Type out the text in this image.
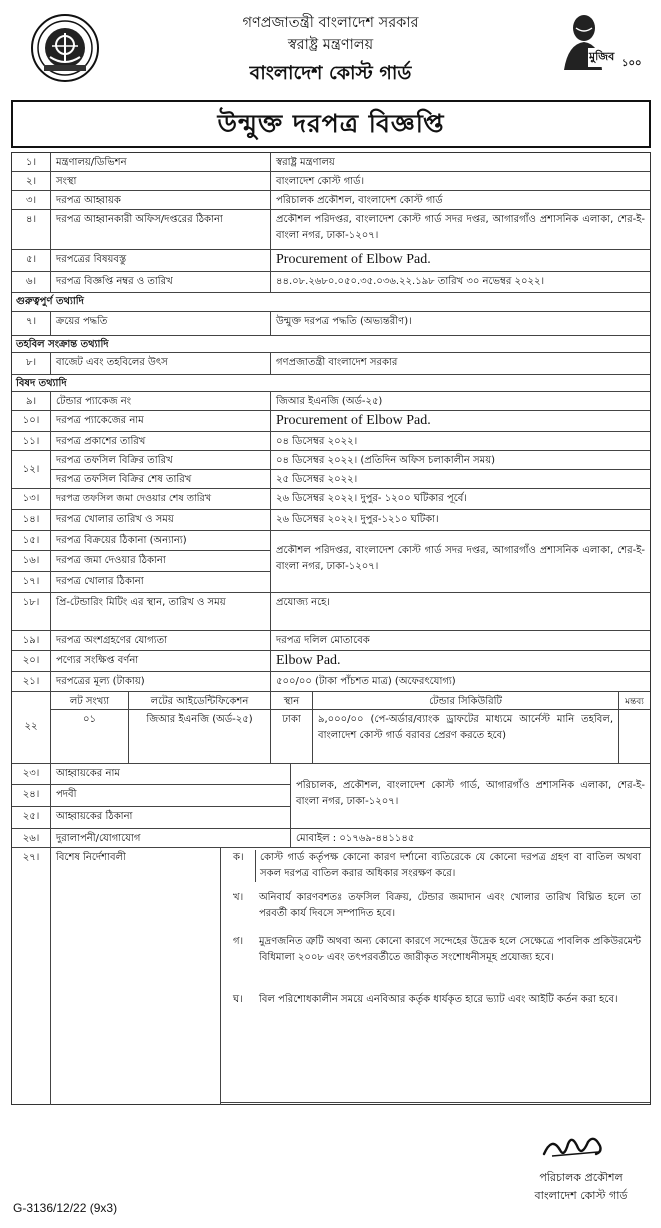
গণপ্রজাতন্ত্রী বাংলাদেশ সরকার
স্বরাষ্ট্র মন্ত্রণালয়
বাংলাদেশ কোস্ট গার্ড
মুজিব
১০০
উন্মুক্ত দরপত্র বিজ্ঞপ্তি
১।	মন্ত্রণালয়/ডিভিশন	স্বরাষ্ট্র মন্ত্রণালয়
২।	সংস্থা	বাংলাদেশ কোস্ট গার্ড।
৩।	দরপত্র আহ্বায়ক	পরিচালক প্রকৌশল, বাংলাদেশ কোস্ট গার্ড
৪।	দরপত্র আহ্বানকারী অফিস/দপ্তরের ঠিকানা	প্রকৌশল পরিদপ্তর, বাংলাদেশ কোস্ট গার্ড সদর দপ্তর, আগারগাঁও প্রশাসনিক এলাকা, শের-ই-বাংলা নগর, ঢাকা-১২০৭।
৫।	দরপত্রের বিষয়বস্তু	Procurement of Elbow Pad.
৬।	দরপত্র বিজ্ঞপ্তি নম্বর ও তারিখ	৪৪.০৮.২৬৮০.০৫০.৩৫.০৩৬.২২.১৯৮ তারিখ ৩০ নভেম্বর ২০২২।
গুরুত্বপুর্ণ তথ্যাদি
৭।	ক্রয়ের পদ্ধতি	উন্মুক্ত দরপত্র পদ্ধতি (অভ্যন্তরীণ)।
তহবিল সংক্রান্ত তথ্যাদি
৮।	বাজেট এবং তহবিলের উৎস	গণপ্রজাতন্ত্রী বাংলাদেশ সরকার
বিষদ তথ্যাদি
৯।	টেন্ডার প্যাকেজ নং	জিআর ইএনজি (অর্ড-২৫)
১০।	দরপত্র প্যাকেজের নাম	Procurement of Elbow Pad.
১১।	দরপত্র প্রকাশের তারিখ	০৪ ডিসেম্বর ২০২২।
১২।
দরপত্র তফসিল বিক্রির তারিখ	০৪ ডিসেম্বর ২০২২। (প্রতিদিন অফিস চলাকালীন সময়)
দরপত্র তফসিল বিক্রির শেষ তারিখ	২৫ ডিসেম্বর ২০২২।
১৩।	দরপত্র তফসিল জমা দেওয়ার শেষ তারিখ	২৬ ডিসেম্বর ২০২২। দুপুর- ১২০০ ঘটিকার পূর্বে।
১৪।	দরপত্র খোলার তারিখ ও সময়	২৬ ডিসেম্বর ২০২২। দুপুর-১২১০ ঘটিকা।
১৫।	দরপত্র বিক্রয়ের ঠিকানা (অন্যান্য)
১৬।	দরপত্র জমা দেওয়ার ঠিকানা
১৭।	দরপত্র খোলার ঠিকানা
প্রকৌশল পরিদপ্তর, বাংলাদেশ কোস্ট গার্ড সদর দপ্তর, আগারগাঁও প্রশাসনিক এলাকা, শের-ই-বাংলা নগর, ঢাকা-১২০৭।
১৮।	প্রি-টেন্ডারিং মিটিং এর স্থান, তারিখ ও সময়	প্রযোজ্য নহে।
১৯।	দরপত্র অংশগ্রহণের যোগ্যতা	দরপত্র দলিল মোতাবেক
২০।	পণ্যের সংক্ষিপ্ত বর্ণনা	Elbow Pad.
২১।	দরপত্রের মূল্য (টাকায়)	৫০০/০০ (টাকা পাঁচশত মাত্র) (অফেরৎযোগ্য)
২২
লট সংখ্যা	লটের আইডেন্টিফিকেশন	স্থান	টেন্ডার সিকিউরিটি	মন্তব্য
০১	জিআর ইএনজি (অর্ড-২৫)	ঢাকা	৯,০০০/০০ (পে-অর্ডার/ব্যাংক ড্রাফটের মাধ্যমে আর্নেস্ট মানি তহবিল, বাংলাদেশ কোস্ট গার্ড বরাবর প্রেরণ করতে হবে)
২৩।	আহ্বায়কের নাম
২৪।	পদবী
২৫।	আহ্বায়কের ঠিকানা
পরিচালক, প্রকৌশল, বাংলাদেশ কোস্ট গার্ড, আগারগাঁও প্রশাসনিক এলাকা, শের-ই-বাংলা নগর, ঢাকা-১২০৭।
২৬।	দুরালাপনী/যোগাযোগ	মোবাইল : ০১৭৬৯-৪৪১১৪৫
২৭।	বিশেষ নির্দেশাবলী	ক।	কোস্ট গার্ড কর্তৃপক্ষ কোনো কারণ দর্শানো ব্যতিরেকে যে কোনো দরপত্র গ্রহণ বা বাতিল অথবা সকল দরপত্র বাতিল করার অধিকার সংরক্ষণ করে।
খ।	অনিবার্য কারণবশতঃ তফসিল বিক্রয়, টেন্ডার জমাদান এবং খোলার তারিখ বিঘ্নিত হলে তা পরবর্তী কার্য দিবসে সম্পাদিত হবে।
গ।	মুদ্রণজনিত ত্রুটি অথবা অন্য কোনো কারণে সন্দেহের উদ্রেক হলে সেক্ষেত্রে পাবলিক প্রকিউরমেন্ট বিধিমালা ২০০৮ এবং তৎপরবর্তীতে জারীকৃত সংশোধনীসমূহ প্রযোজ্য হবে।
ঘ।	বিল পরিশোধকালীন সময়ে এনবিআর কর্তৃক ধার্যকৃত হারে ভ্যাট এবং আইটি কর্তন করা হবে।
পরিচালক প্রকৌশল
বাংলাদেশ কোস্ট গার্ড
G-3136/12/22 (9x3)
